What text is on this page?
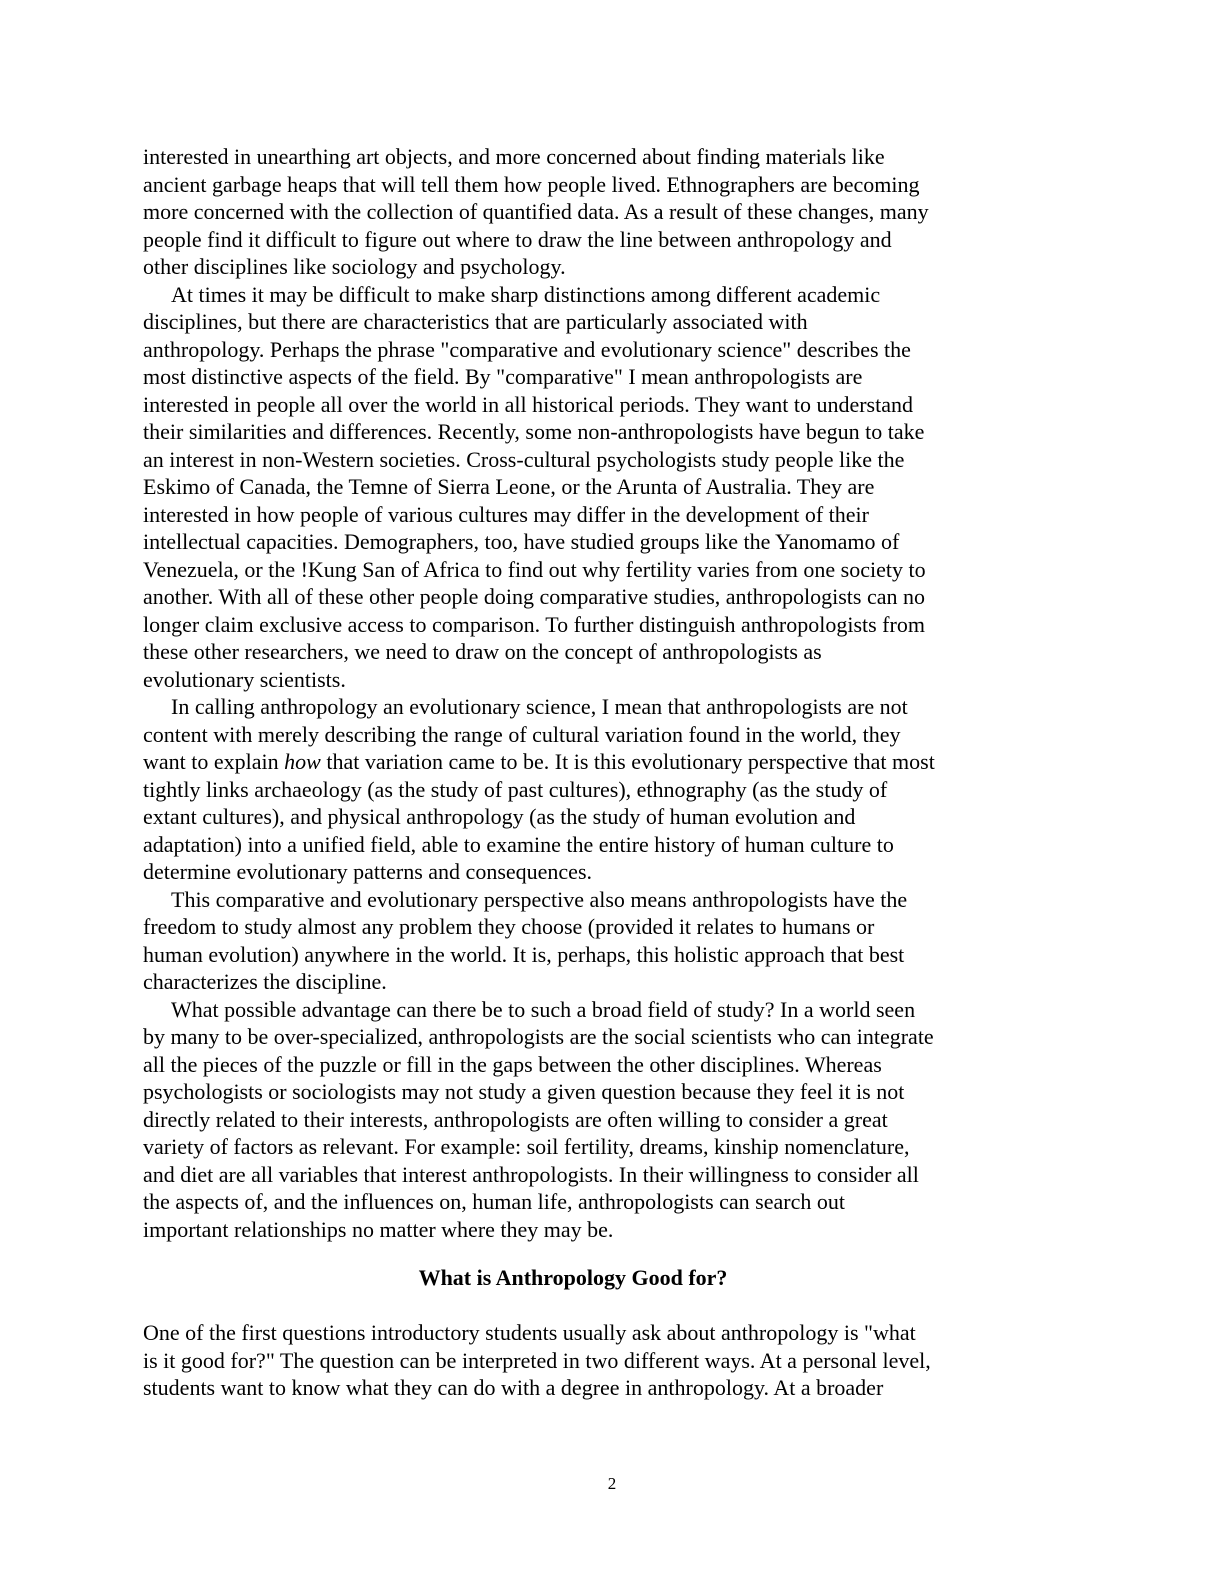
interested in unearthing art objects, and more concerned about finding materials like
ancient garbage heaps that will tell them how people lived. Ethnographers are becoming
more concerned with the collection of quantified data. As a result of these changes, many
people find it difficult to figure out where to draw the line between anthropology and
other disciplines like sociology and psychology.
At times it may be difficult to make sharp distinctions among different academic
disciplines, but there are characteristics that are particularly associated with
anthropology. Perhaps the phrase "comparative and evolutionary science" describes the
most distinctive aspects of the field. By "comparative" I mean anthropologists are
interested in people all over the world in all historical periods. They want to understand
their similarities and differences. Recently, some non-anthropologists have begun to take
an interest in non-Western societies. Cross-cultural psychologists study people like the
Eskimo of Canada, the Temne of Sierra Leone, or the Arunta of Australia. They are
interested in how people of various cultures may differ in the development of their
intellectual capacities. Demographers, too, have studied groups like the Yanomamo of
Venezuela, or the !Kung San of Africa to find out why fertility varies from one society to
another. With all of these other people doing comparative studies, anthropologists can no
longer claim exclusive access to comparison. To further distinguish anthropologists from
these other researchers, we need to draw on the concept of anthropologists as
evolutionary scientists.
In calling anthropology an evolutionary science, I mean that anthropologists are not
content with merely describing the range of cultural variation found in the world, they
want to explain how that variation came to be. It is this evolutionary perspective that most
tightly links archaeology (as the study of past cultures), ethnography (as the study of
extant cultures), and physical anthropology (as the study of human evolution and
adaptation) into a unified field, able to examine the entire history of human culture to
determine evolutionary patterns and consequences.
This comparative and evolutionary perspective also means anthropologists have the
freedom to study almost any problem they choose (provided it relates to humans or
human evolution) anywhere in the world. It is, perhaps, this holistic approach that best
characterizes the discipline.
What possible advantage can there be to such a broad field of study? In a world seen
by many to be over-specialized, anthropologists are the social scientists who can integrate
all the pieces of the puzzle or fill in the gaps between the other disciplines. Whereas
psychologists or sociologists may not study a given question because they feel it is not
directly related to their interests, anthropologists are often willing to consider a great
variety of factors as relevant. For example: soil fertility, dreams, kinship nomenclature,
and diet are all variables that interest anthropologists. In their willingness to consider all
the aspects of, and the influences on, human life, anthropologists can search out
important relationships no matter where they may be.
What is Anthropology Good for?
One of the first questions introductory students usually ask about anthropology is "what
is it good for?" The question can be interpreted in two different ways. At a personal level,
students want to know what they can do with a degree in anthropology. At a broader
2
